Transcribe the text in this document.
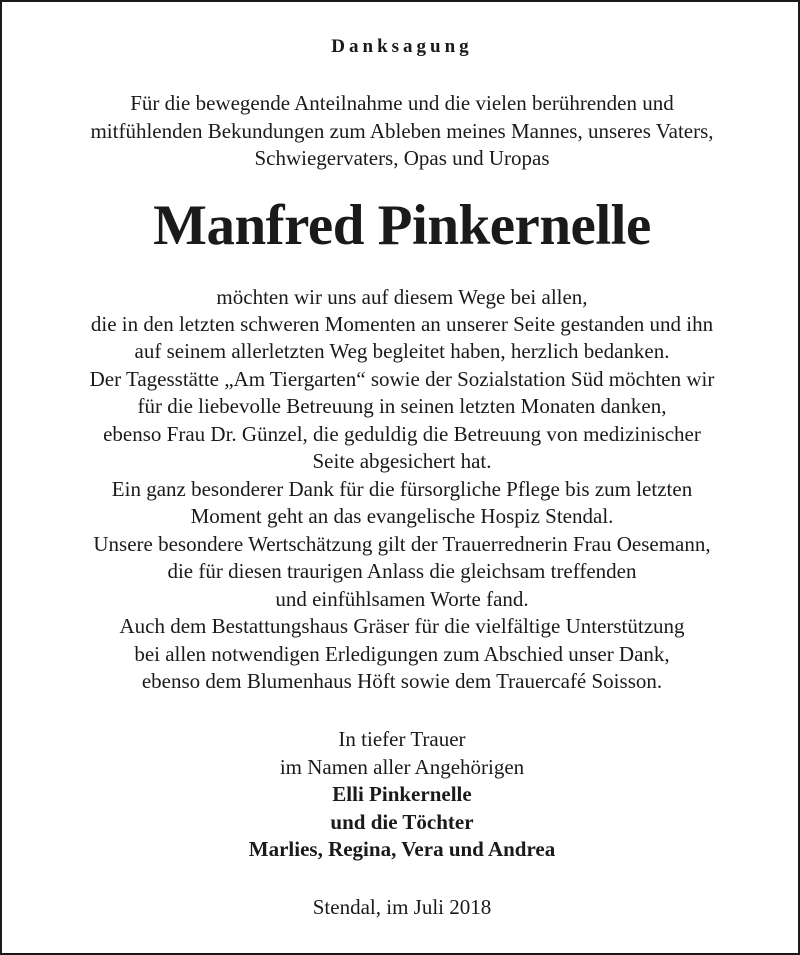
Danksagung
Für die bewegende Anteilnahme und die vielen berührenden und
mitfühlenden Bekundungen zum Ableben meines Mannes, unseres Vaters,
Schwiegervaters, Opas und Uropas
Manfred Pinkernelle
möchten wir uns auf diesem Wege bei allen,
die in den letzten schweren Momenten an unserer Seite gestanden und ihn
auf seinem allerletzten Weg begleitet haben, herzlich bedanken.
Der Tagesstätte „Am Tiergarten“ sowie der Sozialstation Süd möchten wir
für die liebevolle Betreuung in seinen letzten Monaten danken,
ebenso Frau Dr. Günzel, die geduldig die Betreuung von medizinischer
Seite abgesichert hat.
Ein ganz besonderer Dank für die fürsorgliche Pflege bis zum letzten
Moment geht an das evangelische Hospiz Stendal.
Unsere besondere Wertschätzung gilt der Trauerrednerin Frau Oesemann,
die für diesen traurigen Anlass die gleichsam treffenden
und einfühlsamen Worte fand.
Auch dem Bestattungshaus Gräser für die vielfältige Unterstützung
bei allen notwendigen Erledigungen zum Abschied unser Dank,
ebenso dem Blumenhaus Höft sowie dem Trauercafé Soisson.
In tiefer Trauer
im Namen aller Angehörigen
Elli Pinkernelle
und die Töchter
Marlies, Regina, Vera und Andrea
Stendal, im Juli 2018
